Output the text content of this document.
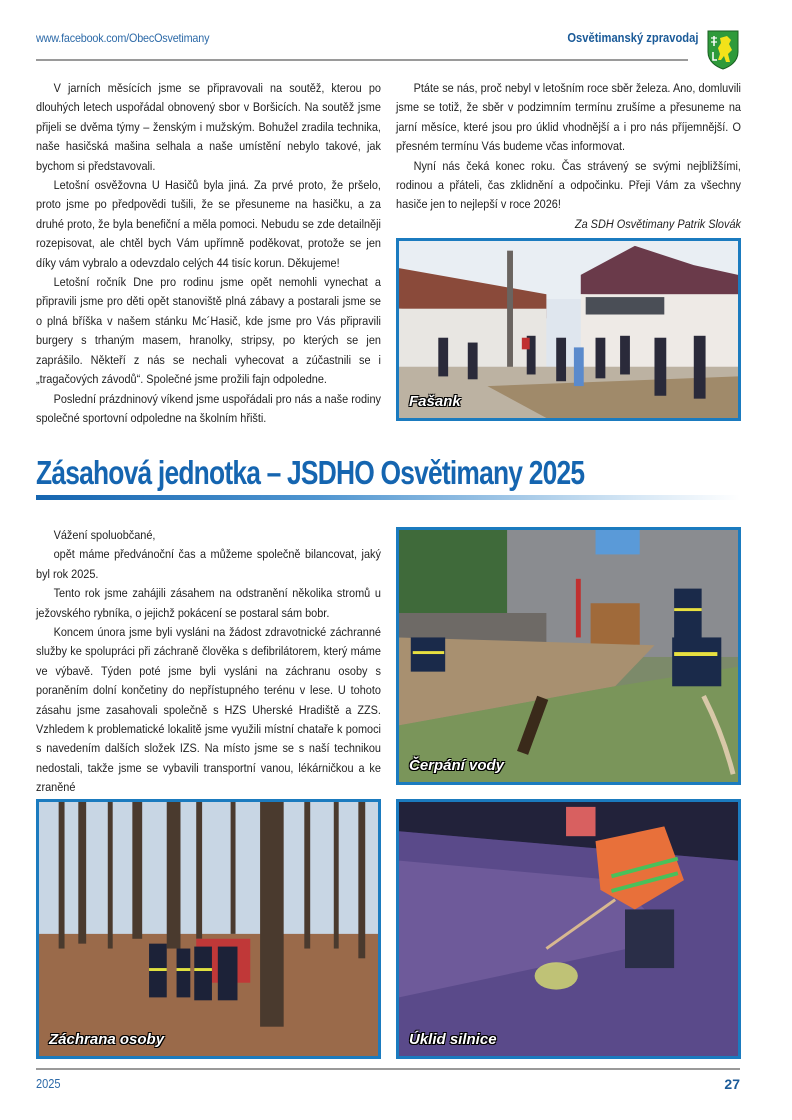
www.facebook.com/ObecOsvetimany	Osvětimanský zpravodaj

V jarních měsících jsme se připravovali na soutěž, kterou po dlouhých letech uspořádal obnovený sbor v Boršicích. Na soutěž jsme přijeli se dvěma týmy – ženským i mužským. Bohužel zradila technika, naše hasičská mašina selhala a naše umístění nebylo takové, jak bychom si představovali.

Letošní osvěžovna U Hasičů byla jiná. Za prvé proto, že pršelo, proto jsme po předpovědi tušili, že se přesuneme na hasičku, a za druhé proto, že byla benefiční a měla pomoci. Nebudu se zde detailněji rozepisovat, ale chtěl bych Vám upřímně poděkovat, protože se jen díky vám vybralo a odevzdalo celých 44 tisíc korun. Děkujeme!

Letošní ročník Dne pro rodinu jsme opět nemohli vynechat a připravili jsme pro děti opět stanoviště plná zábavy a postarali jsme se o plná bříška v našem stánku Mc´Hasič, kde jsme pro Vás připravili burgery s trhaným masem, hranolky, stripsy, po kterých se jen zaprášilo. Někteří z nás se nechali vyhecovat a zúčastnili se i „tragačových závodů“. Společné jsme prožili fajn odpoledne.

Poslední prázdninový víkend jsme uspořádali pro nás a naše rodiny společné sportovní odpoledne na školním hřišti.

Ptáte se nás, proč nebyl v letošním roce sběr železa. Ano, domluvili jsme se totiž, že sběr v podzimním termínu zrušíme a přesuneme na jarní měsíce, které jsou pro úklid vhodnější a i pro nás příjemnější. O přesném termínu Vás budeme včas informovat.

Nyní nás čeká konec roku. Čas strávený se svými nejbližšími, rodinou a přáteli, čas zklidnění a odpočinku. Přeji Vám za všechny hasiče jen to nejlepší v roce 2026!

Za SDH Osvětimany Patrik Slovák

Fašank
Zásahová jednotka – JSDHO Osvětimany 2025

Vážení spoluobčané,

opět máme předvánoční čas a můžeme společně bilancovat, jaký byl rok 2025.

Tento rok jsme zahájili zásahem na odstranění několika stromů u ježovského rybníka, o jejichž pokácení se postaral sám bobr.

Koncem února jsme byli vysláni na žádost zdravotnické záchranné služby ke spolupráci při záchraně člověka s defibrilátorem, který máme ve výbavě. Týden poté jsme byli vysláni na záchranu osoby s poraněním dolní končetiny do nepřístupného terénu v lese. U tohoto zásahu jsme zasahovali společně s HZS Uherské Hradiště a ZZS. Vzhledem k problematické lokalitě jsme využili místní chataře k pomoci s navedením dalších složek IZS. Na místo jsme se s naší technikou nedostali, takže jsme se vybavili transportní vanou, lékárničkou a ke zraněné

Čerpání vody
Záchrana osoby	Úklid silnice
2025	27
